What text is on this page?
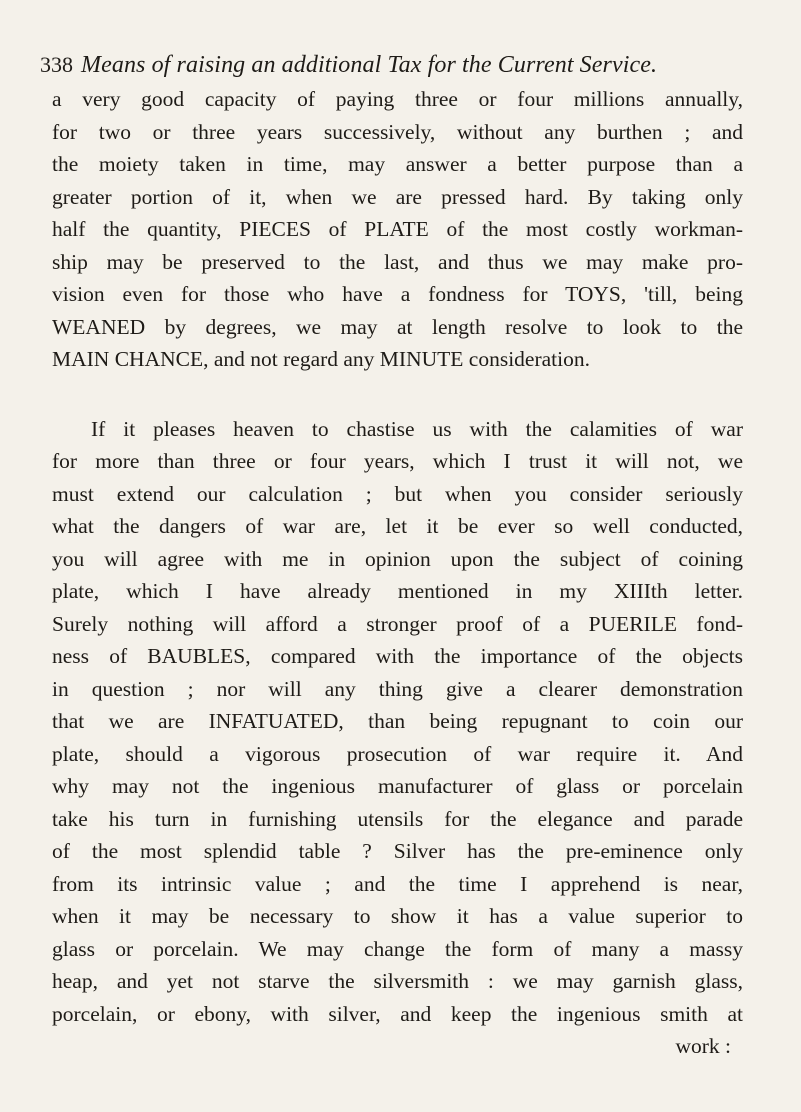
338 Means of raising an additional Tax for the Current Service.
a very good capacity of paying three or four millions annually,
for two or three years successively, without any burthen ; and
the moiety taken in time, may answer a better purpose than a
greater portion of it, when we are pressed hard. By taking only
half the quantity, PIECES of PLATE of the most costly workman-
ship may be preserved to the last, and thus we may make pro-
vision even for those who have a fondness for TOYS, 'till, being
WEANED by degrees, we may at length resolve to look to the
MAIN CHANCE, and not regard any MINUTE consideration.
If it pleases heaven to chastise us with the calamities of war
for more than three or four years, which I trust it will not, we
must extend our calculation ; but when you consider seriously
what the dangers of war are, let it be ever so well conducted,
you will agree with me in opinion upon the subject of coining
plate, which I have already mentioned in my XIIIth letter.
Surely nothing will afford a stronger proof of a PUERILE fond-
ness of BAUBLES, compared with the importance of the objects
in question ; nor will any thing give a clearer demonstration
that we are INFATUATED, than being repugnant to coin our
plate, should a vigorous prosecution of war require it. And
why may not the ingenious manufacturer of glass or porcelain
take his turn in furnishing utensils for the elegance and parade
of the most splendid table ? Silver has the pre-eminence only
from its intrinsic value ; and the time I apprehend is near,
when it may be necessary to show it has a value superior to
glass or porcelain. We may change the form of many a massy
heap, and yet not starve the silversmith : we may garnish glass,
porcelain, or ebony, with silver, and keep the ingenious smith at
work :
